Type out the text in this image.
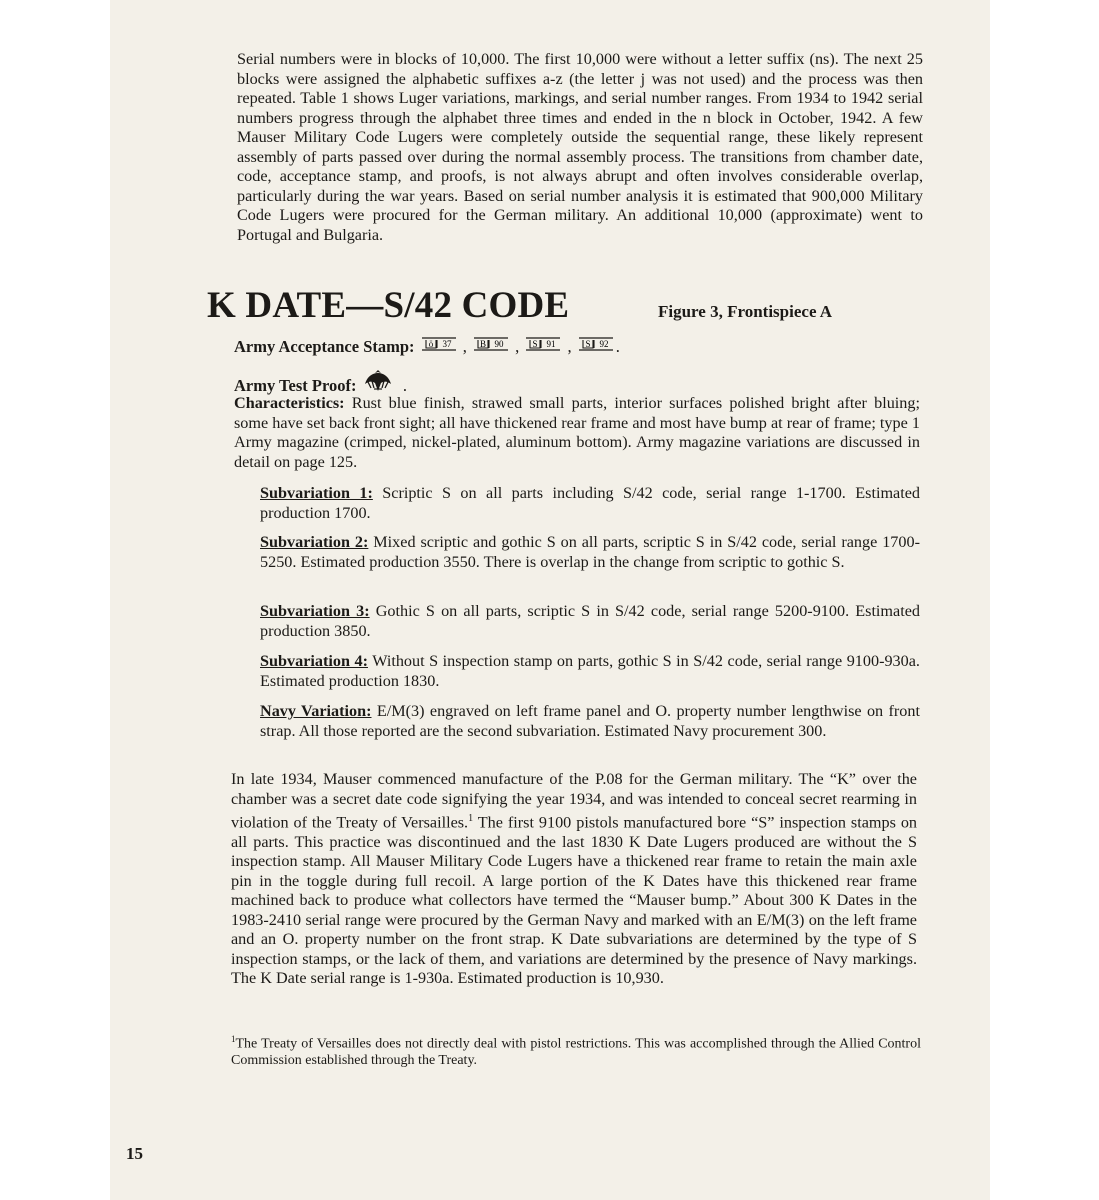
Serial numbers were in blocks of 10,000. The first 10,000 were without a letter suffix (ns). The next 25 blocks were assigned the alphabetic suffixes a-z (the letter j was not used) and the process was then repeated. Table 1 shows Luger variations, markings, and serial number ranges. From 1934 to 1942 serial numbers progress through the alphabet three times and ended in the n block in October, 1942. A few Mauser Military Code Lugers were completely outside the sequential range, these likely represent assembly of parts passed over during the normal assembly process. The transitions from chamber date, code, acceptance stamp, and proofs, is not always abrupt and often involves considerable overlap, particularly during the war years. Based on serial number analysis it is estimated that 900,000 Military Code Lugers were procured for the German military. An additional 10,000 (approximate) went to Portugal and Bulgaria.

K DATE—S/42 CODE	Figure 3, Frontispiece A
Army Acceptance Stamp: ö 37 , B 90 , S 91 , S 92 .
Army Test Proof:	.

Characteristics: Rust blue finish, strawed small parts, interior surfaces polished bright after bluing; some have set back front sight; all have thickened rear frame and most have bump at rear of frame; type 1 Army magazine (crimped, nickel-plated, aluminum bottom). Army magazine variations are discussed in detail on page 125.

Subvariation 1: Scriptic S on all parts including S/42 code, serial range 1-1700. Estimated production 1700.

Subvariation 2: Mixed scriptic and gothic S on all parts, scriptic S in S/42 code, serial range 1700-5250. Estimated production 3550. There is overlap in the change from scriptic to gothic S.

Subvariation 3: Gothic S on all parts, scriptic S in S/42 code, serial range 5200-9100. Estimated production 3850.

Subvariation 4: Without S inspection stamp on parts, gothic S in S/42 code, serial range 9100-930a. Estimated production 1830.

Navy Variation: E/M(3) engraved on left frame panel and O. property number lengthwise on front strap. All those reported are the second subvariation. Estimated Navy procurement 300.

In late 1934, Mauser commenced manufacture of the P.08 for the German military. The “K” over the chamber was a secret date code signifying the year 1934, and was intended to conceal secret rearming in violation of the Treaty of Versailles.$^1$ The first 9100 pistols manufactured bore “S” inspection stamps on all parts. This practice was discontinued and the last 1830 K Date Lugers produced are without the S inspection stamp. All Mauser Military Code Lugers have a thickened rear frame to retain the main axle pin in the toggle during full recoil. A large portion of the K Dates have this thickened rear frame machined back to produce what collectors have termed the “Mauser bump.” About 300 K Dates in the 1983-2410 serial range were procured by the German Navy and marked with an E/M(3) on the left frame and an O. property number on the front strap. K Date subvariations are determined by the type of S inspection stamps, or the lack of them, and variations are determined by the presence of Navy markings. The K Date serial range is 1-930a. Estimated production is 10,930.

$^1$The Treaty of Versailles does not directly deal with pistol restrictions. This was accomplished through the Allied Control Commission established through the Treaty.

15
